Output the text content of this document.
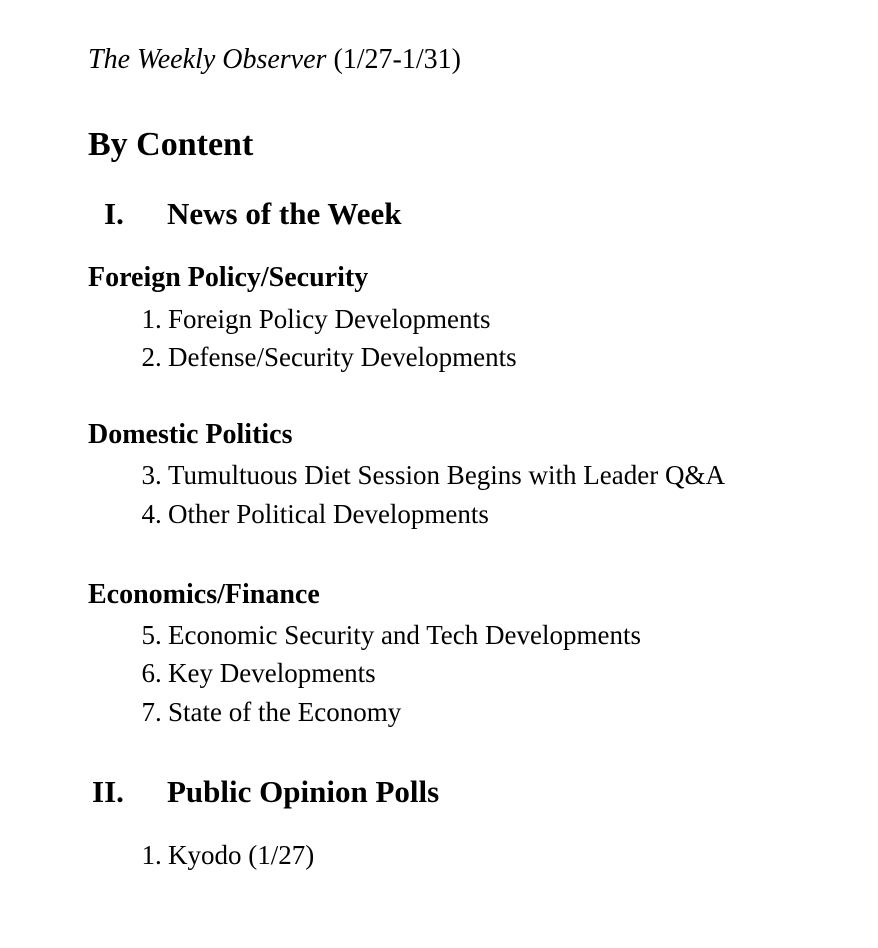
The Weekly Observer (1/27-1/31)
By Content
I. News of the Week
Foreign Policy/Security
1 . Foreign Policy Developments
2 . Defense/Security Developments
Domestic Politics
3 . Tumultuous Diet Session Begins with Leader Q&A
4 . Other Political Developments
Economics/Finance
5 . Economic Security and Tech Developments
6 . Key Developments
7 . State of the Economy
II. Public Opinion Polls
1 . Kyodo (1/27)
